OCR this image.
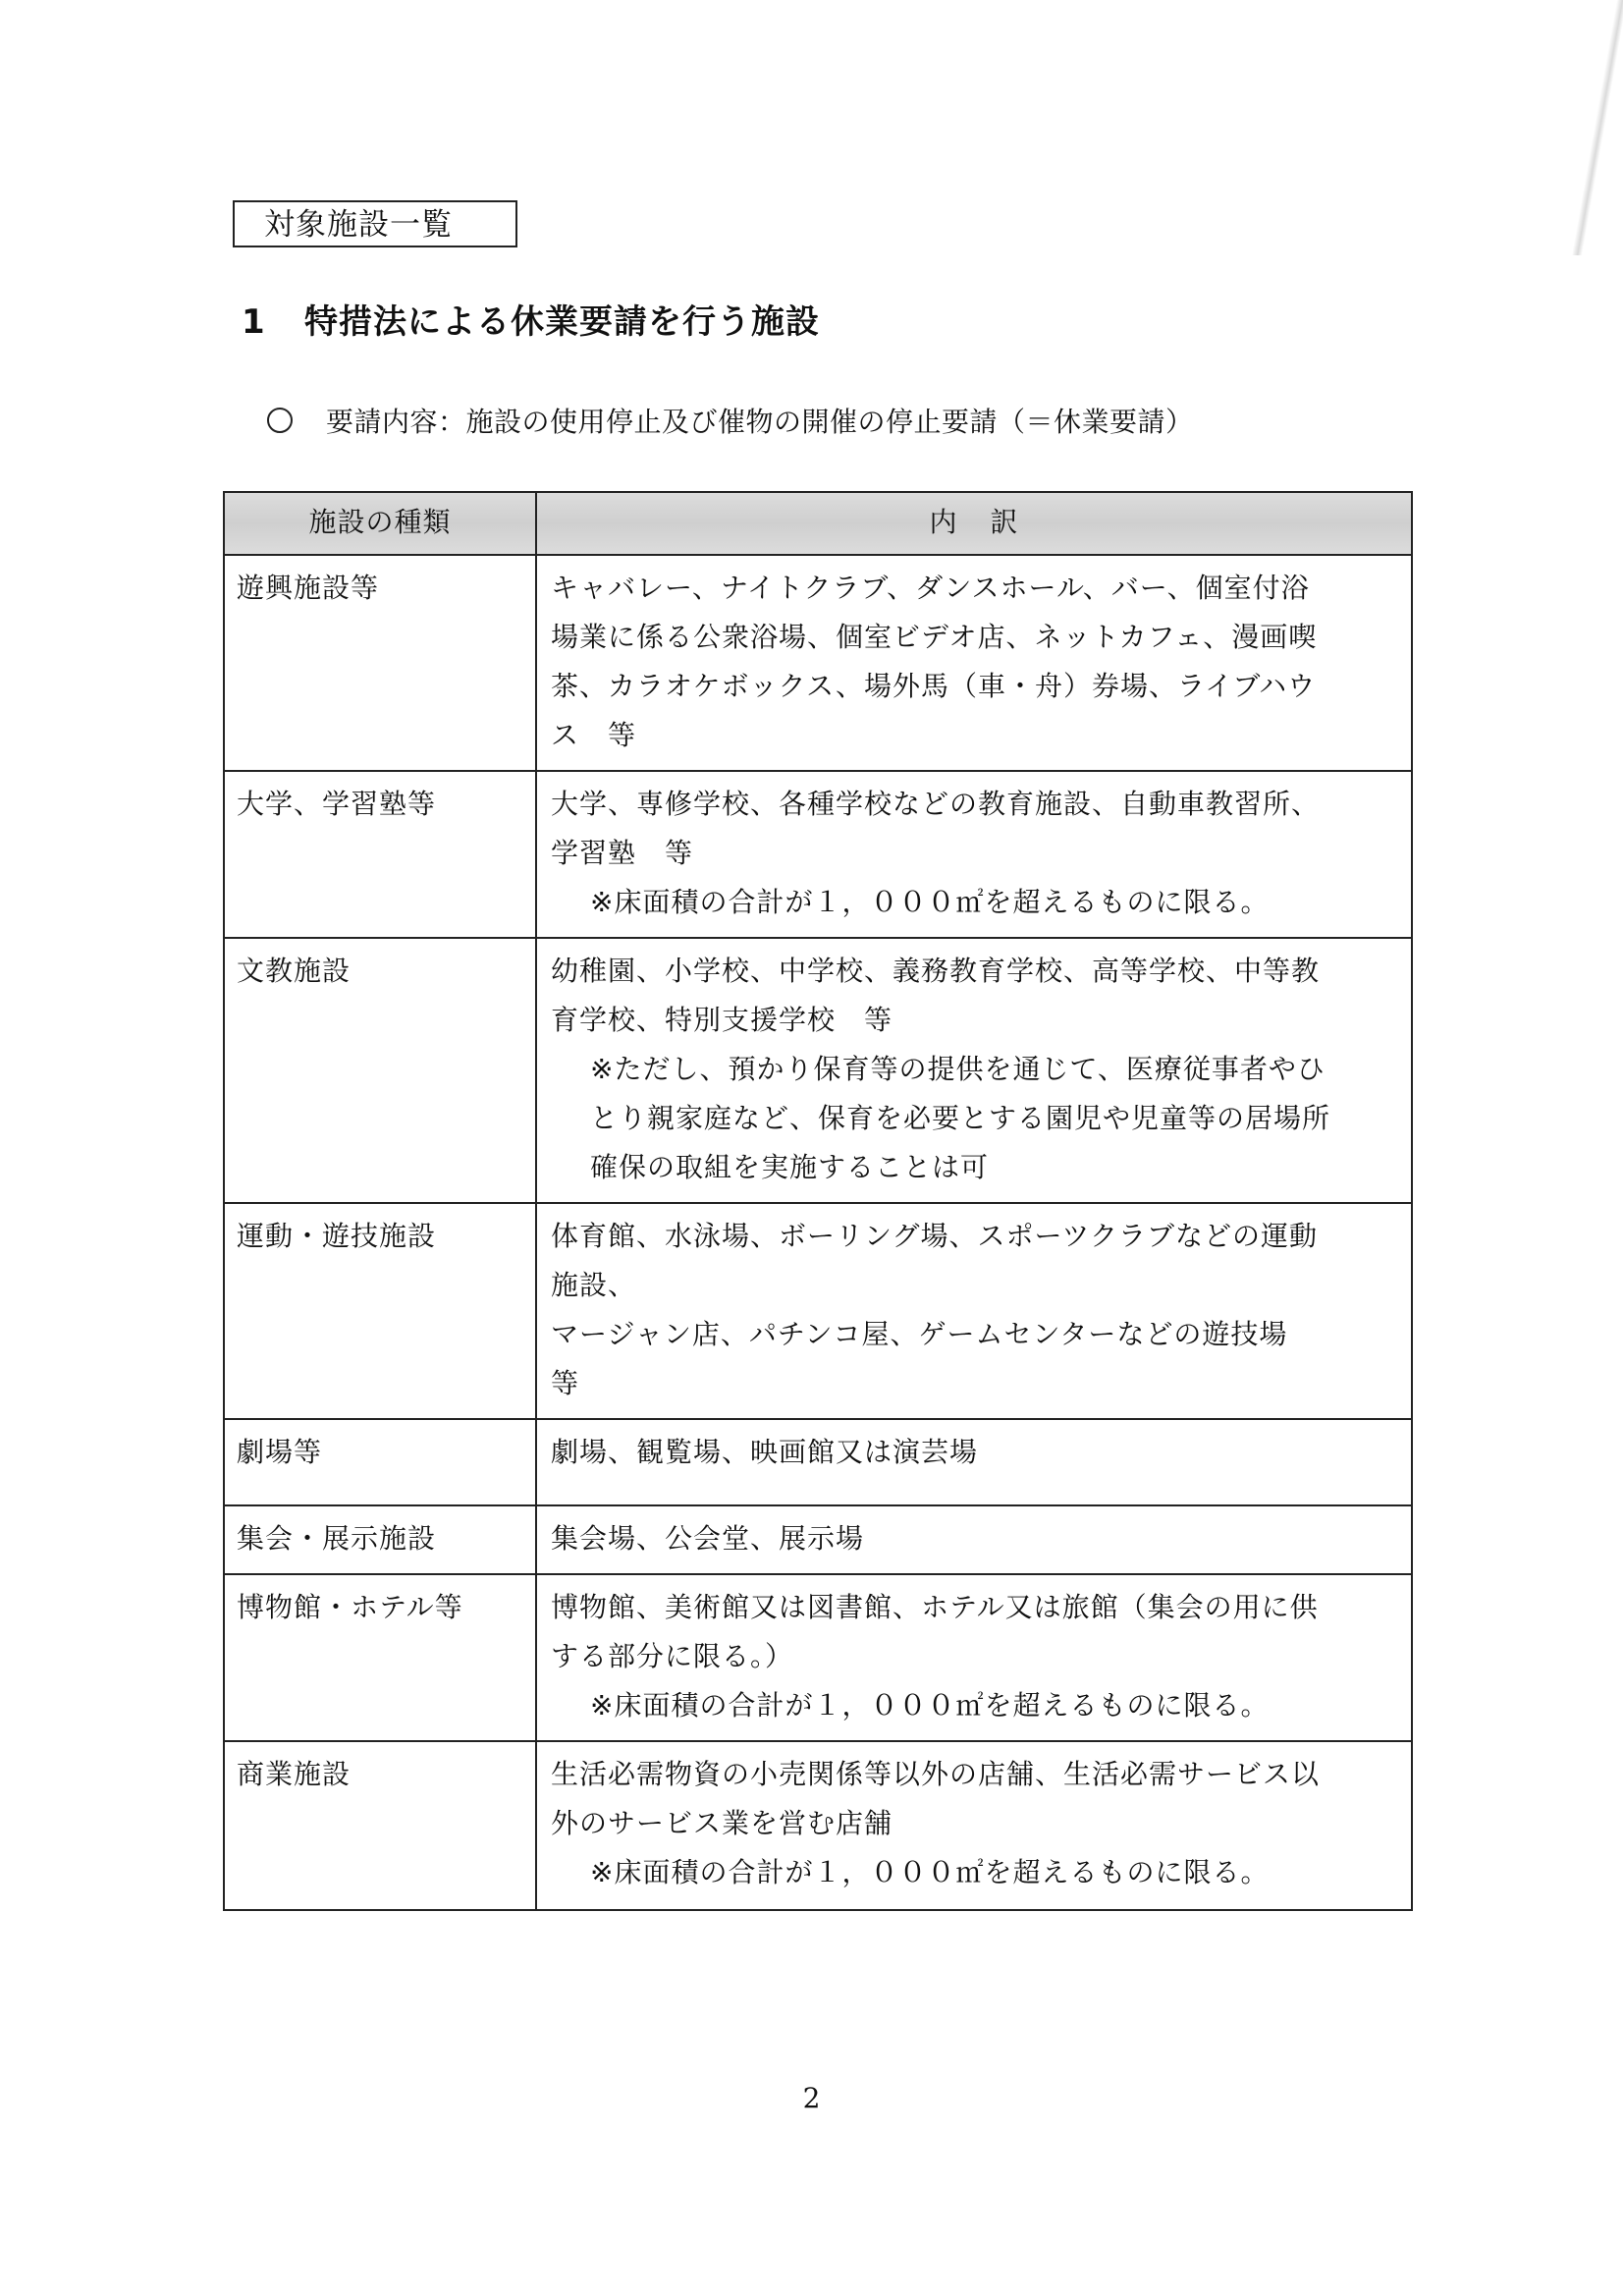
対象施設一覧
1 特措法による休業要請を行う施設
要請内容：施設の使用停止及び催物の開催の停止要請（＝休業要請）
施設の種類	内訳
遊興施設等	キャバレー、ナイトクラブ、ダンスホール、バー、個室付浴
場業に係る公衆浴場、個室ビデオ店、ネットカフェ、漫画喫
茶、カラオケボックス、場外馬（車・舟）券場、ライブハウ
ス　等

大学、学習塾等	大学、専修学校、各種学校などの教育施設、自動車教習所、
学習塾　等
※床面積の合計が１，０００㎡を超えるものに限る。

文教施設	幼稚園、小学校、中学校、義務教育学校、高等学校、中等教
育学校、特別支援学校　等
※ただし、預かり保育等の提供を通じて、医療従事者やひ
とり親家庭など、保育を必要とする園児や児童等の居場所
確保の取組を実施することは可

運動・遊技施設	体育館、水泳場、ボーリング場、スポーツクラブなどの運動
施設、
マージャン店、パチンコ屋、ゲームセンターなどの遊技場
等

劇場等	劇場、観覧場、映画館又は演芸場

集会・展示施設	集会場、公会堂、展示場

博物館・ホテル等	博物館、美術館又は図書館、ホテル又は旅館（集会の用に供
する部分に限る。）
※床面積の合計が１，０００㎡を超えるものに限る。

商業施設	生活必需物資の小売関係等以外の店舗、生活必需サービス以
外のサービス業を営む店舗
※床面積の合計が１，０００㎡を超えるものに限る。
2
